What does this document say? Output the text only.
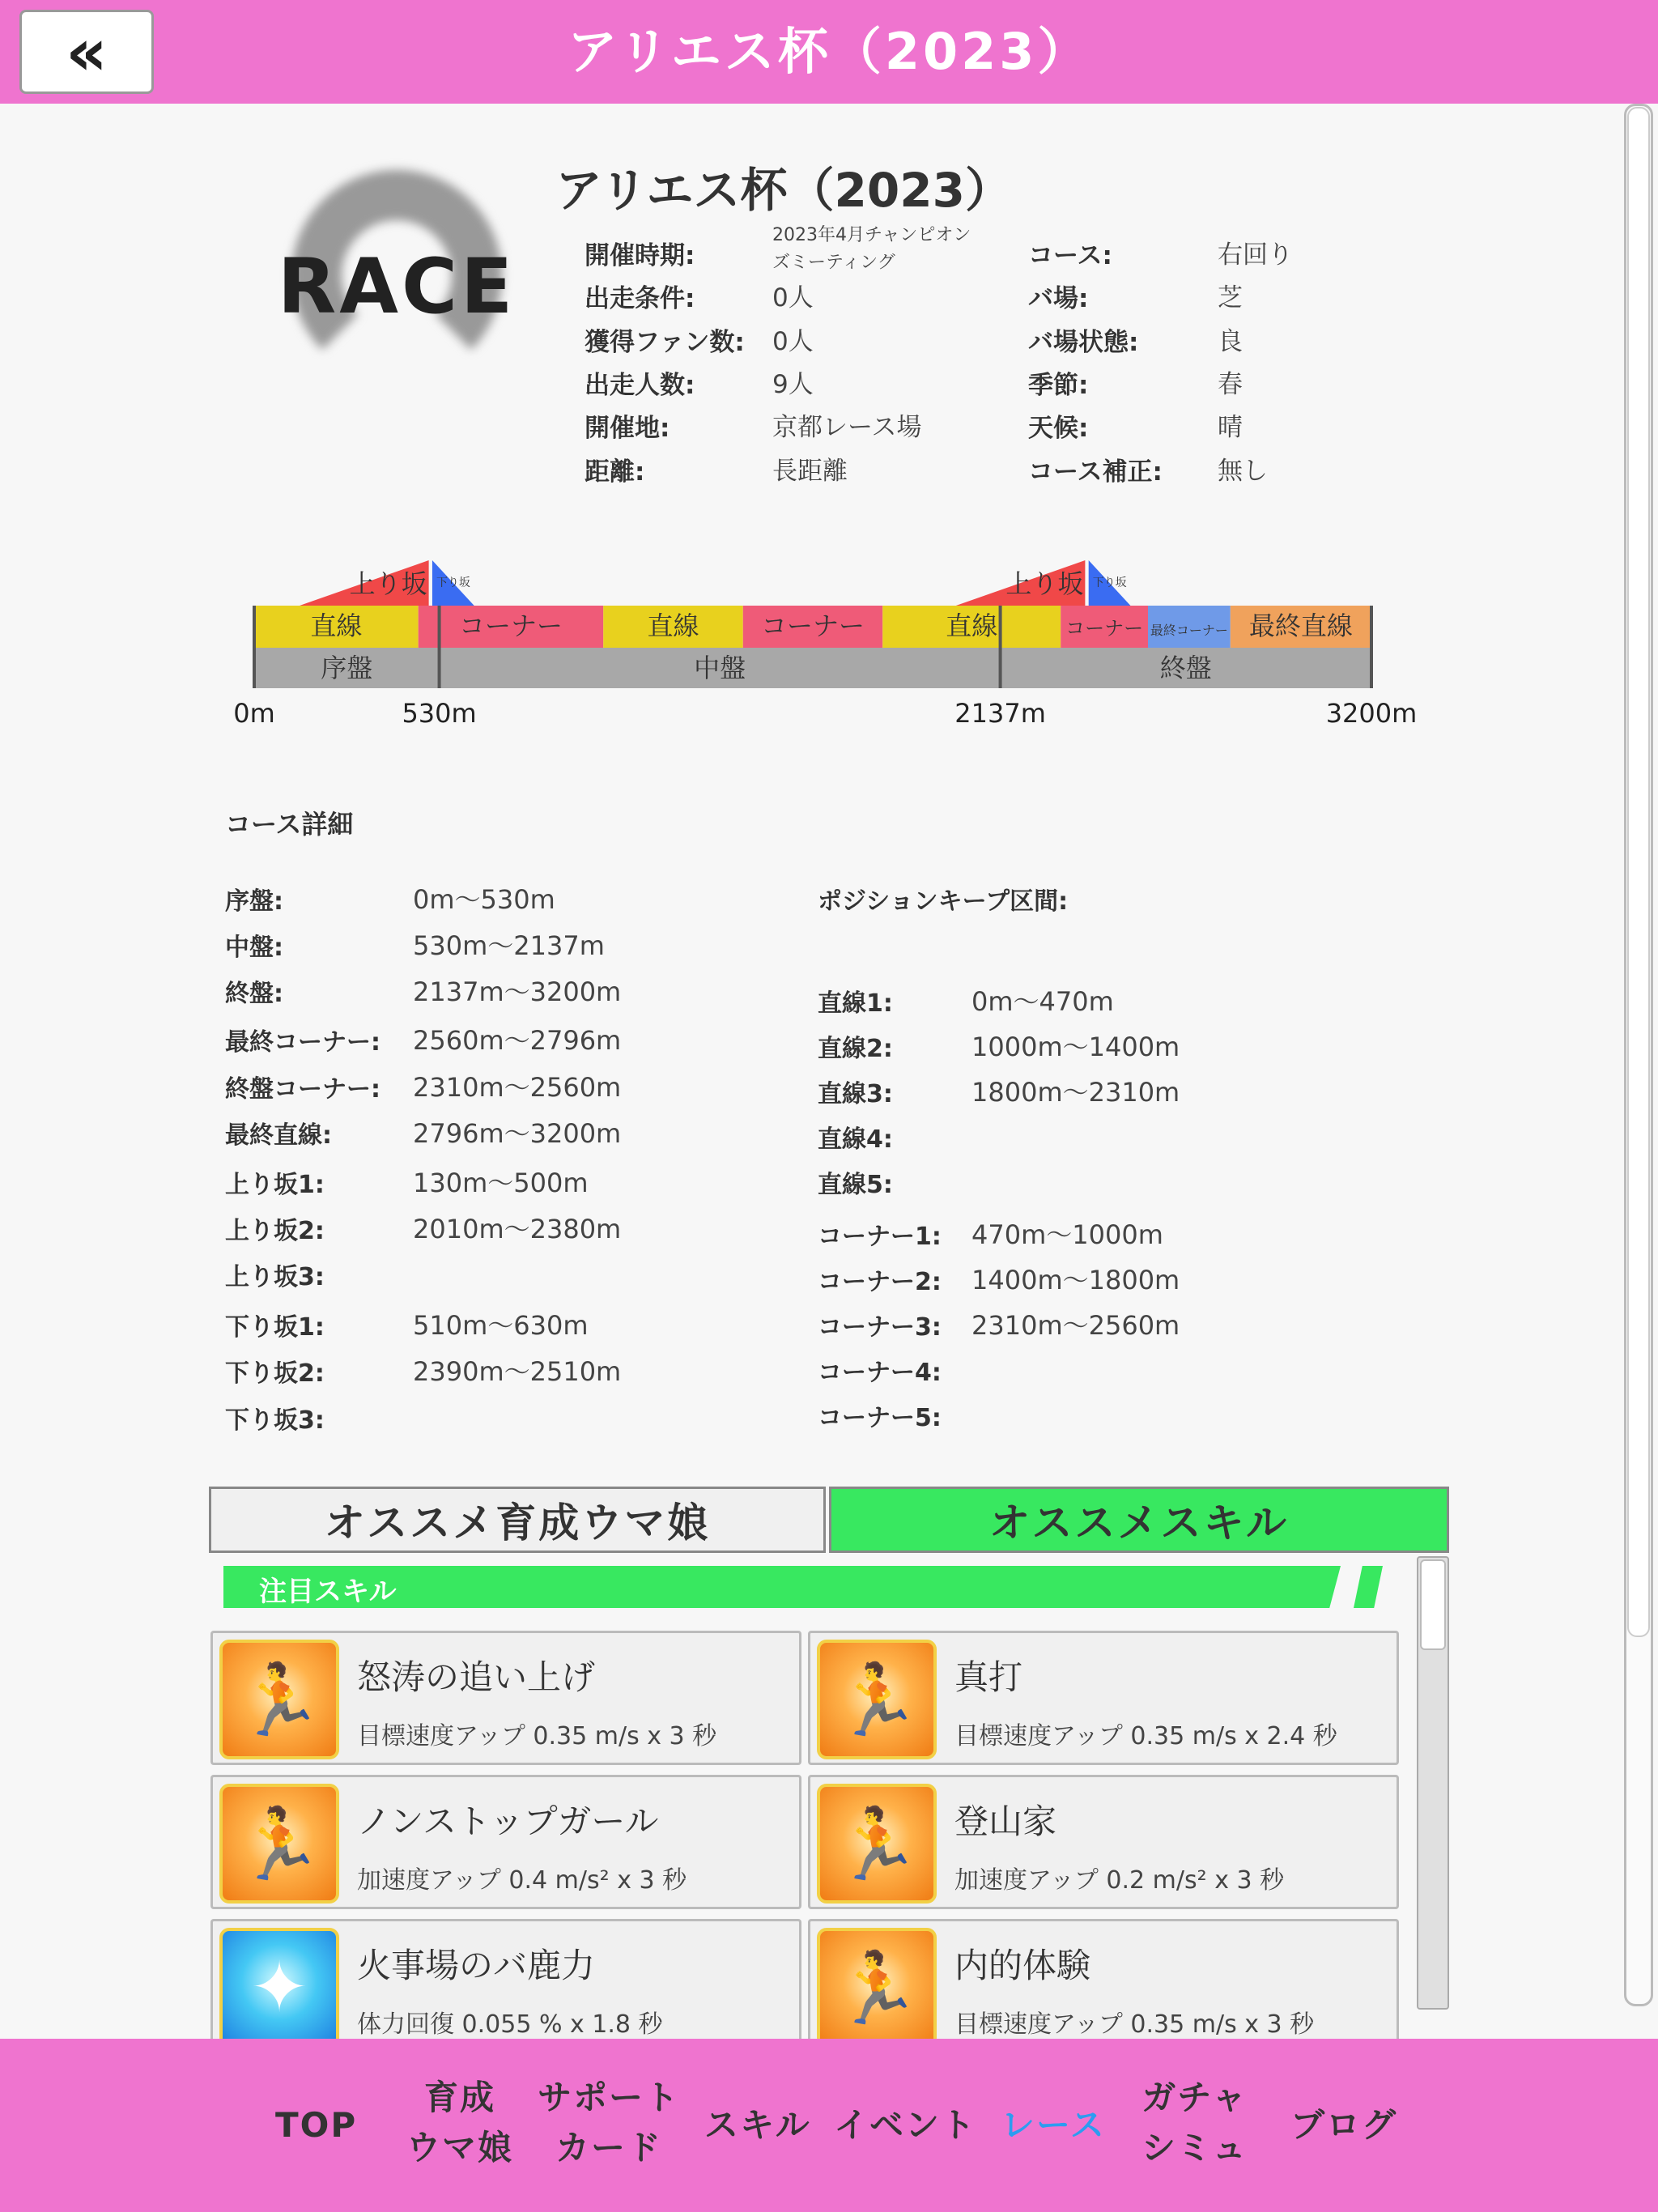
«	アリエス杯（2023）
RACE
アリエス杯（2023）
開催時期:
2023年4月チャンピオンズミーティング
出走条件:	0人
獲得ファン数: 0人
出走人数:	9人
開催地:	京都レース場
距離:	長距離
コース:	右回り
バ場:	芝
バ場状態:	良
季節:	春
天候:	晴
コース補正: 無し
上り坂 下り坂	上り坂 下り坂
直線	コーナー	直線 コーナー	直線	コーナー 最終コーナー 最終直線
序盤	中盤	終盤
0m	530m	2137m	3200m
コース詳細
序盤:	0m〜530m
中盤:	530m〜2137m
終盤:	2137m〜3200m
最終コーナー: 2560m〜2796m
終盤コーナー: 2310m〜2560m
最終直線:	2796m〜3200m
上り坂1:	130m〜500m
上り坂2:	2010m〜2380m
上り坂3:
下り坂1:	510m〜630m
下り坂2:	2390m〜2510m
下り坂3:
ポジションキープ区間:
直線1:	0m〜470m
直線2:	1000m〜1400m
直線3:	1800m〜2310m
直線4:
直線5:
コーナー1: 470m〜1000m
コーナー2: 1400m〜1800m
コーナー3: 2310m〜2560m
コーナー4:
コーナー5:
オススメ育成ウマ娘	オススメスキル
注目スキル
🏃	怒涛の追い上げ
目標速度アップ 0.35 m/s x 3 秒 🏃	真打
目標速度アップ 0.35 m/s x 2.4 秒
🏃	ノンストップガール
加速度アップ 0.4 m/s² x 3 秒 🏃	登山家
加速度アップ 0.2 m/s² x 3 秒
✦	火事場のバ鹿力
体力回復 0.055 % x 1.8 秒 🏃	内的体験
目標速度アップ 0.35 m/s x 3 秒
TOP
育成
ウマ娘
サポート
カード
スキル イベント レース
ガチャ
シミュ
ブログ
